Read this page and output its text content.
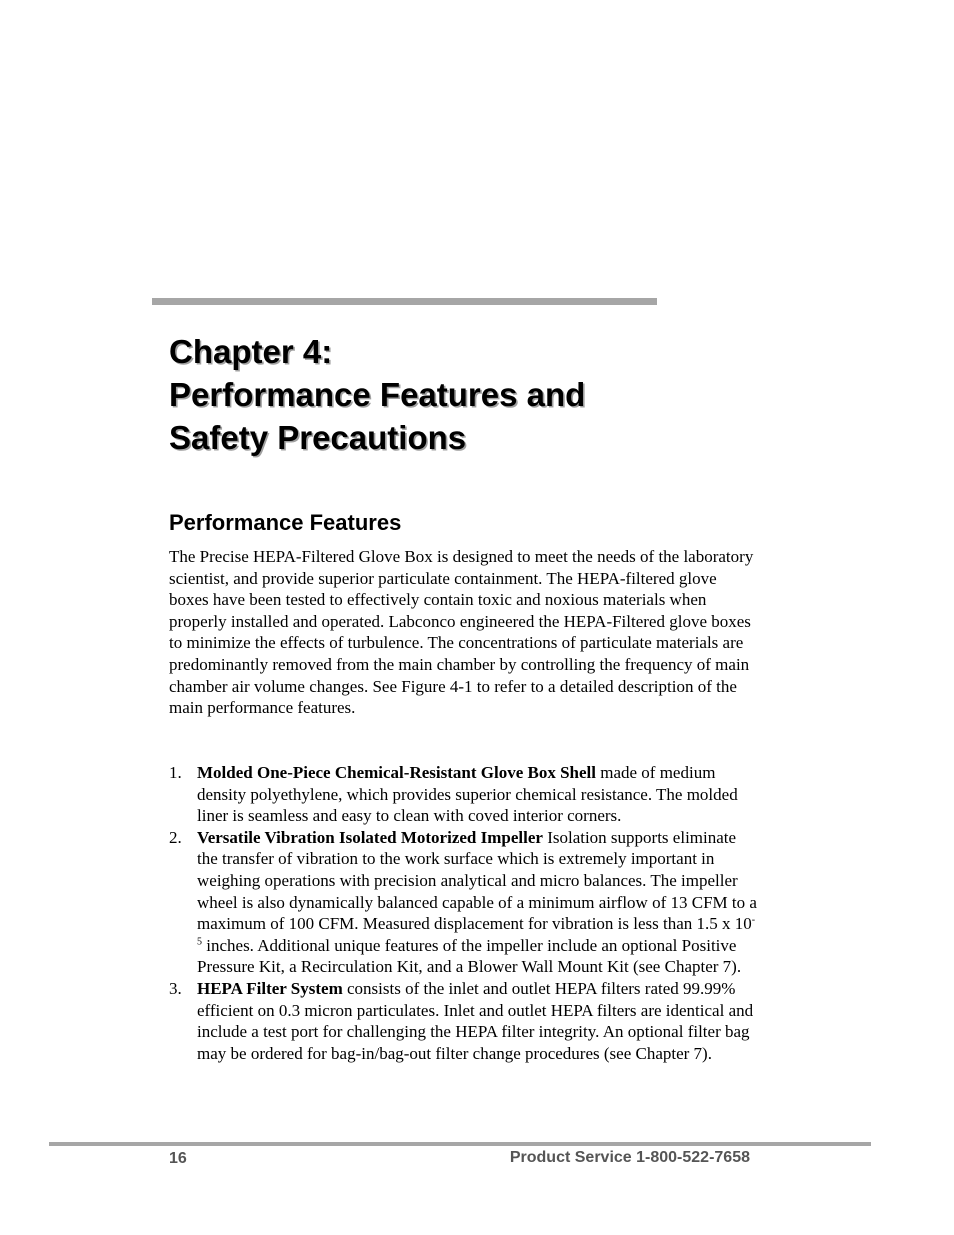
Chapter 4:
Performance Features and
Safety Precautions
Performance Features

The Precise HEPA-Filtered Glove Box is designed to meet the needs of the laboratory scientist, and provide superior particulate containment. The HEPA-filtered glove boxes have been tested to effectively contain toxic and noxious materials when properly installed and operated. Labconco engineered the HEPA-Filtered glove boxes to minimize the effects of turbulence. The concentrations of particulate materials are predominantly removed from the main chamber by controlling the frequency of main chamber air volume changes. See Figure 4-1 to refer to a detailed description of the main performance features.

1. Molded One-Piece Chemical-Resistant Glove Box Shell made of medium density polyethylene, which provides superior chemical resistance. The molded liner is seamless and easy to clean with coved interior corners.
2. Versatile Vibration Isolated Motorized Impeller Isolation supports eliminate the transfer of vibration to the work surface which is extremely important in weighing operations with precision analytical and micro balances. The impeller wheel is also dynamically balanced capable of a minimum airflow of 13 CFM to a maximum of 100 CFM. Measured displacement for vibration is less than 1.5 x $10^{-5}$ inches. Additional unique features of the impeller include an optional Positive Pressure Kit, a Recirculation Kit, and a Blower Wall Mount Kit (see Chapter 7).
3. HEPA Filter System consists of the inlet and outlet HEPA filters rated 99.99% efficient on 0.3 micron particulates. Inlet and outlet HEPA filters are identical and include a test port for challenging the HEPA filter integrity. An optional filter bag may be ordered for bag-in/bag-out filter change procedures (see Chapter 7).
16	Product Service 1-800-522-7658
